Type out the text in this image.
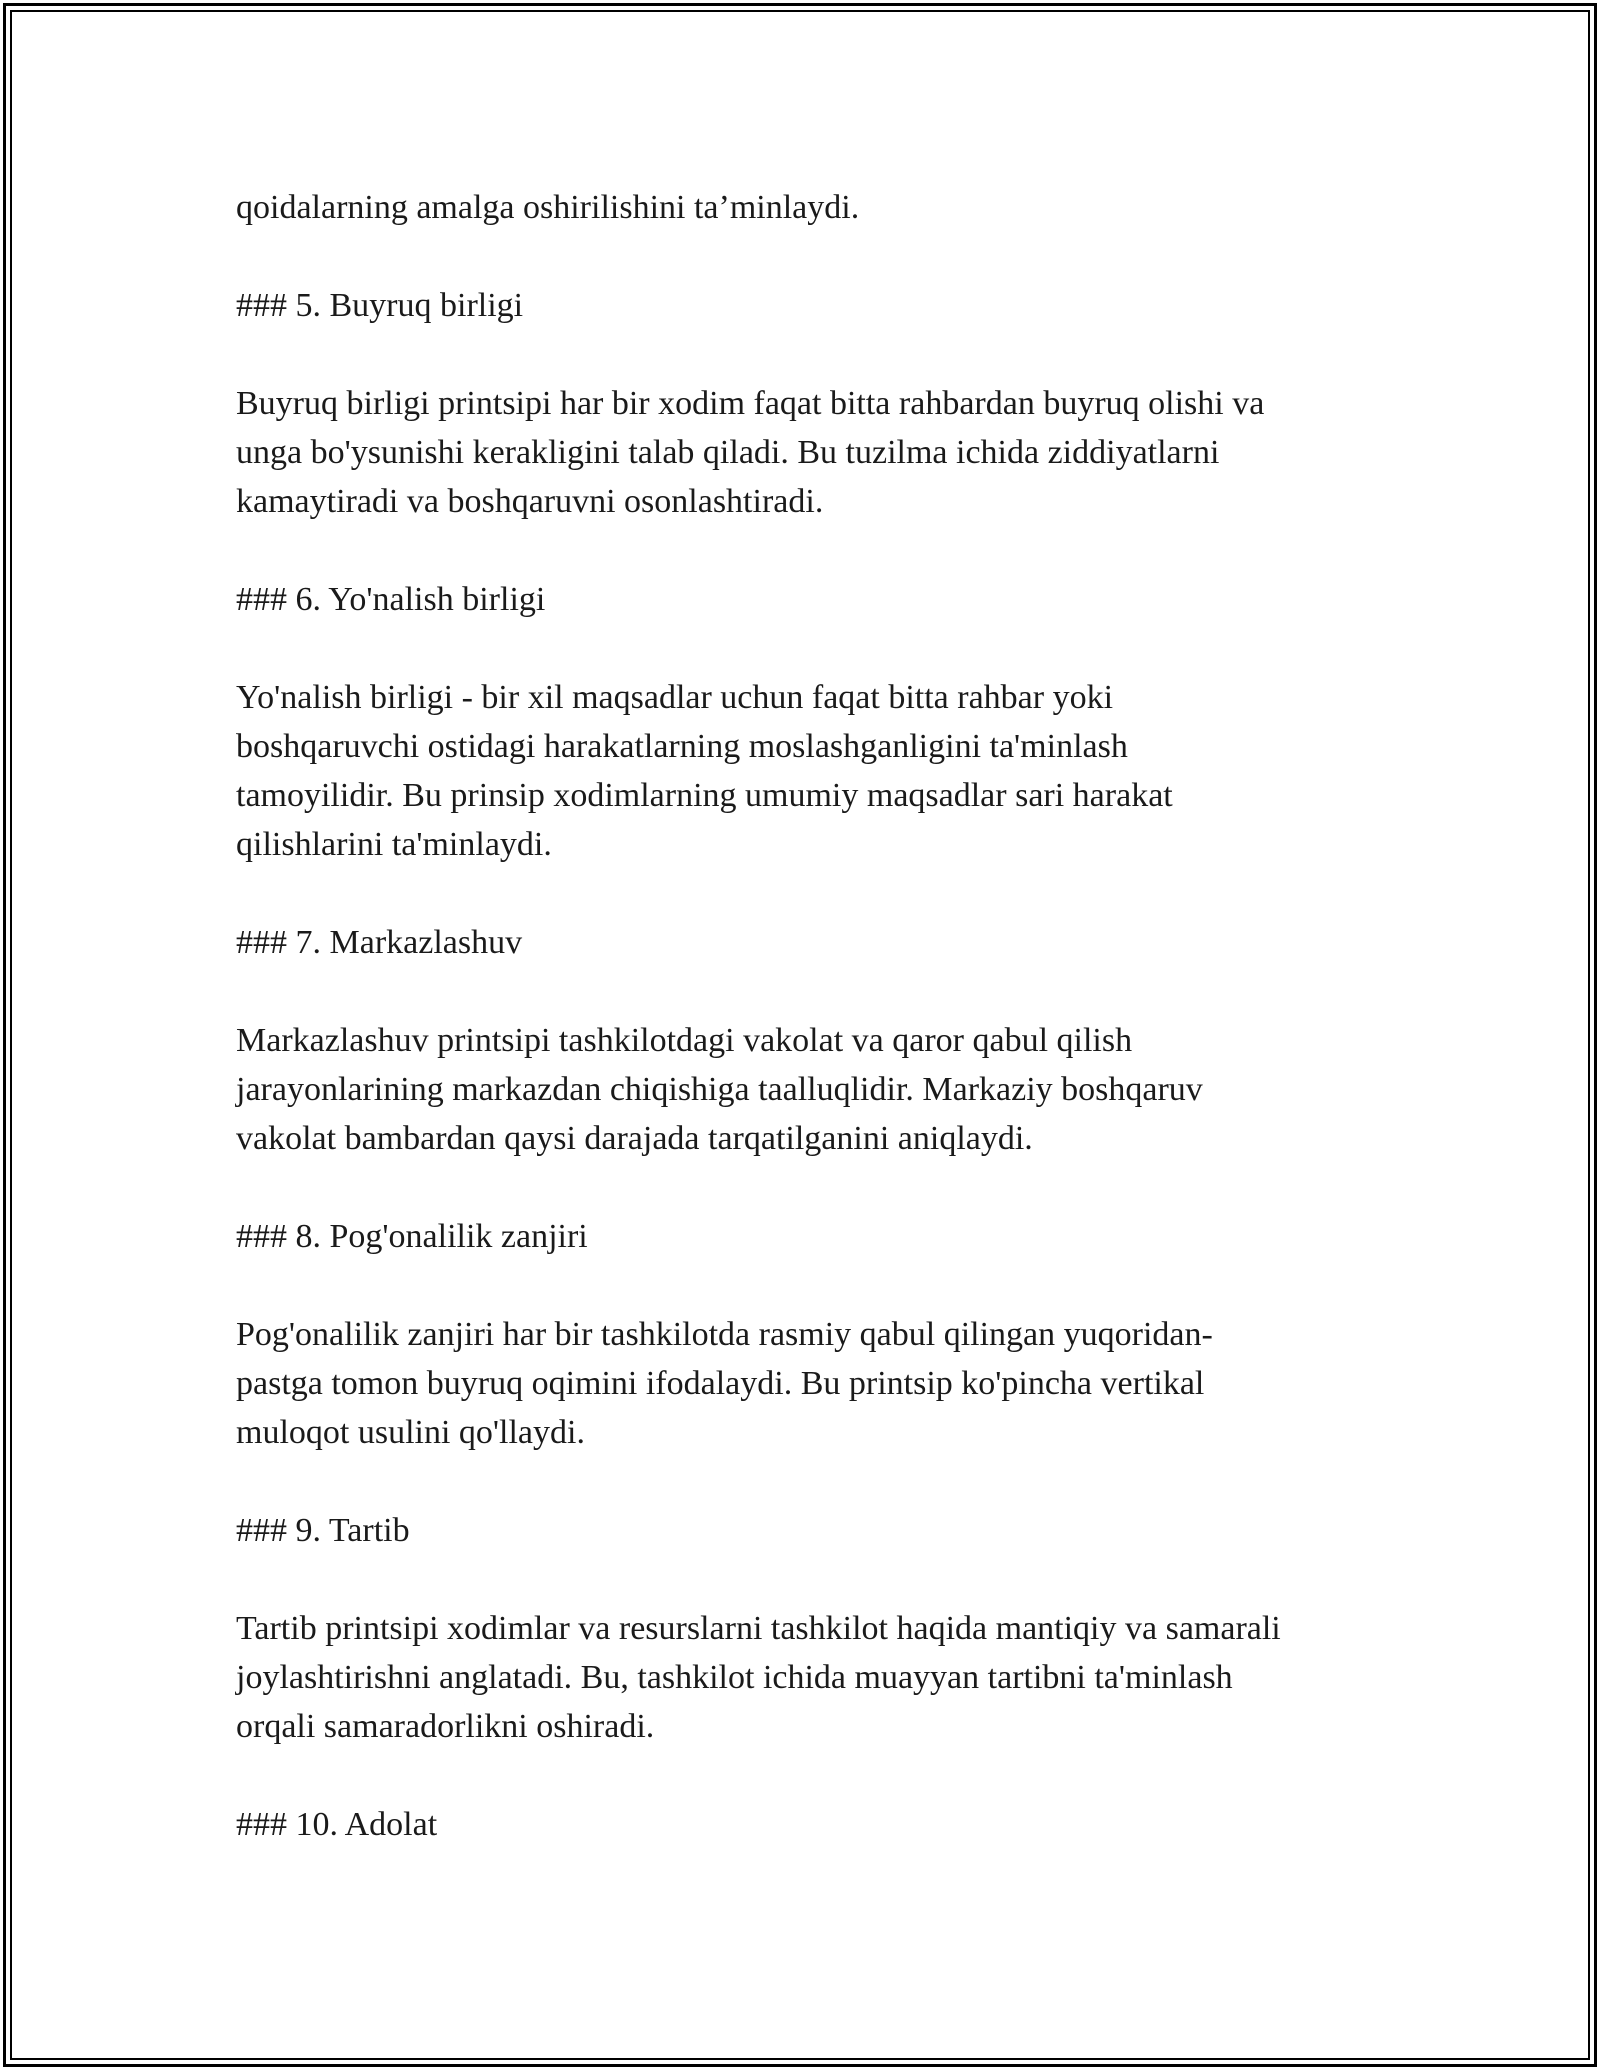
qoidalarning amalga oshirilishini ta’minlaydi.

### 5. Buyruq birligi

Buyruq birligi printsipi har bir xodim faqat bitta rahbardan buyruq olishi va

unga bo'ysunishi kerakligini talab qiladi. Bu tuzilma ichida ziddiyatlarni

kamaytiradi va boshqaruvni osonlashtiradi.

### 6. Yo'nalish birligi

Yo'nalish birligi - bir xil maqsadlar uchun faqat bitta rahbar yoki

boshqaruvchi ostidagi harakatlarning moslashganligini ta'minlash

tamoyilidir. Bu prinsip xodimlarning umumiy maqsadlar sari harakat

qilishlarini ta'minlaydi.

### 7. Markazlashuv

Markazlashuv printsipi tashkilotdagi vakolat va qaror qabul qilish

jarayonlarining markazdan chiqishiga taalluqlidir. Markaziy boshqaruv

vakolat bambardan qaysi darajada tarqatilganini aniqlaydi.

### 8. Pog'onalilik zanjiri

Pog'onalilik zanjiri har bir tashkilotda rasmiy qabul qilingan yuqoridan-

pastga tomon buyruq oqimini ifodalaydi. Bu printsip ko'pincha vertikal

muloqot usulini qo'llaydi.

### 9. Tartib

Tartib printsipi xodimlar va resurslarni tashkilot haqida mantiqiy va samarali

joylashtirishni anglatadi. Bu, tashkilot ichida muayyan tartibni ta'minlash

orqali samaradorlikni oshiradi.

### 10. Adolat
